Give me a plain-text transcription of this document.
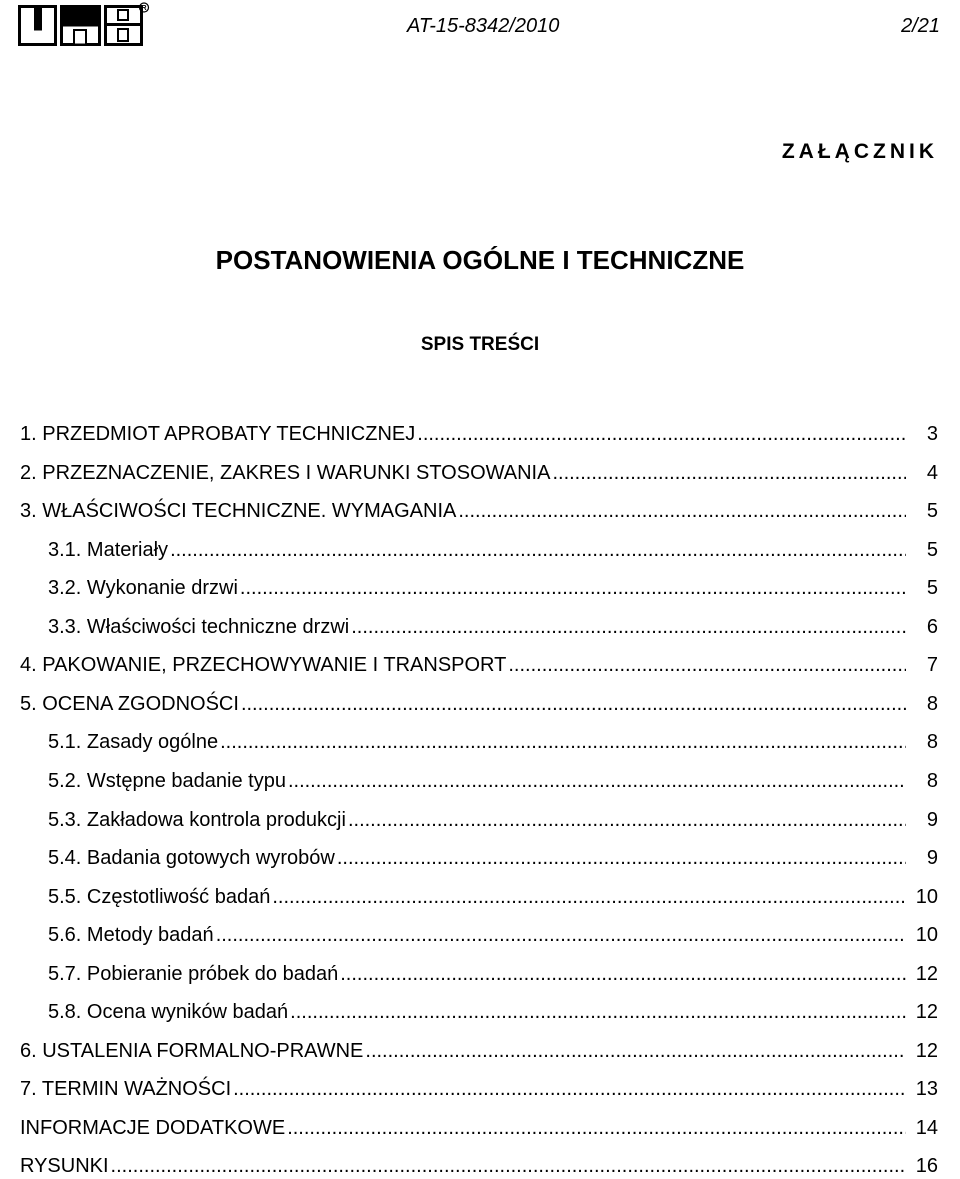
R
AT-15-8342/2010	2/21
ZAŁĄCZNIK
POSTANOWIENIA OGÓLNE I TECHNICZNE
SPIS TREŚCI
1. PRZEDMIOT APROBATY TECHNICZNEJ .....	3
2. PRZEZNACZENIE, ZAKRES I WARUNKI STOSOWANIA .....	4
3. WŁAŚCIWOŚCI TECHNICZNE. WYMAGANIA .....	5
3.1. Materiały .....	5
3.2. Wykonanie drzwi .....	5
3.3. Właściwości techniczne drzwi .....	6
4. PAKOWANIE, PRZECHOWYWANIE I TRANSPORT .....	7
5. OCENA ZGODNOŚCI .....	8
5.1. Zasady ogólne .....	8
5.2. Wstępne badanie typu .....	8
5.3. Zakładowa kontrola produkcji .....	9
5.4. Badania gotowych wyrobów .....	9
5.5. Częstotliwość badań .....	10
5.6. Metody badań .....	10
5.7. Pobieranie próbek do badań .....	12
5.8. Ocena wyników badań .....	12
6. USTALENIA FORMALNO-PRAWNE .....	12
7. TERMIN WAŻNOŚCI .....	13
INFORMACJE DODATKOWE .....	14
RYSUNKI .....	16
